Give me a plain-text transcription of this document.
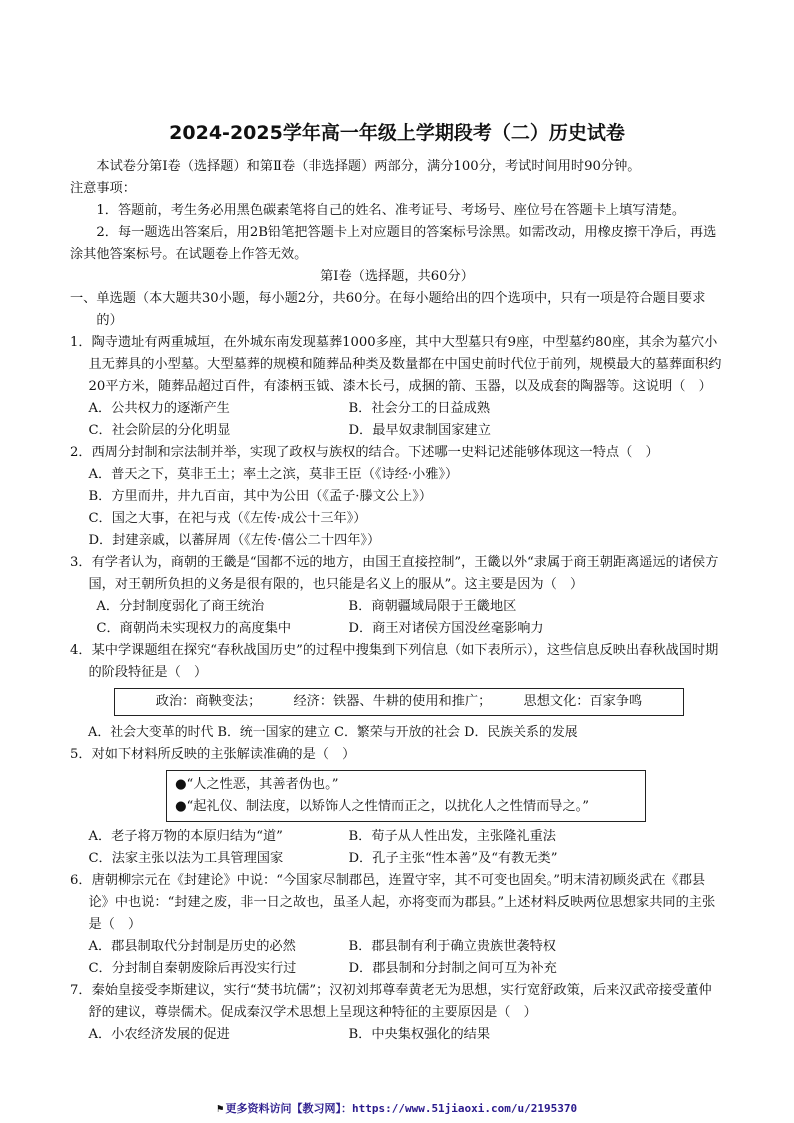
2024-2025学年高一年级上学期段考（二）历史试卷
本试卷分第Ⅰ卷（选择题）和第Ⅱ卷（非选择题）两部分，满分100分，考试时间用时90分钟。
注意事项：
1．答题前，考生务必用黑色碳素笔将自己的姓名、准考证号、考场号、座位号在答题卡上填写清楚。
2．每一题选出答案后，用2B铅笔把答题卡上对应题目的答案标号涂黑。如需改动，用橡皮擦干净后，再选涂其他答案标号。在试题卷上作答无效。
第Ⅰ卷（选择题，共60分）
一、单选题（本大题共30小题，每小题2分，共60分。在每小题给出的四个选项中，只有一项是符合题目要求的）
1．陶寺遗址有两重城垣，在外城东南发现墓葬1000多座，其中大型墓只有9座，中型墓约80座，其余为墓穴小且无葬具的小型墓。大型墓葬的规模和随葬品种类及数量都在中国史前时代位于前列，规模最大的墓葬面积约20平方米，随葬品超过百件，有漆柄玉钺、漆木长弓，成捆的箭、玉器，以及成套的陶器等。这说明（　）
A．公共权力的逐渐产生	B．社会分工的日益成熟
C．社会阶层的分化明显	D．最早奴隶制国家建立
2．西周分封制和宗法制并举，实现了政权与族权的结合。下述哪一史料记述能够体现这一特点（　）
A．普天之下，莫非王土；率土之滨，莫非王臣（《诗经·小雅》）
B．方里而井，井九百亩，其中为公田（《孟子·滕文公上》）
C．国之大事，在祀与戎（《左传·成公十三年》）
D．封建亲戚，以蕃屏周（《左传·僖公二十四年》）
3．有学者认为，商朝的王畿是“国都不远的地方，由国王直接控制”，王畿以外“隶属于商王朝距离遥远的诸侯方国，对王朝所负担的义务是很有限的，也只能是名义上的服从”。这主要是因为（　）
A．分封制度弱化了商王统治	B．商朝疆域局限于王畿地区
C．商朝尚未实现权力的高度集中	D．商王对诸侯方国没丝毫影响力
4．某中学课题组在探究“春秋战国历史”的过程中搜集到下列信息（如下表所示），这些信息反映出春秋战国时期的阶段特征是（　）
政治：商鞅变法； 经济：铁器、牛耕的使用和推广； 思想文化：百家争鸣
A．社会大变革的时代 B．统一国家的建立 C．繁荣与开放的社会 D．民族关系的发展
5．对如下材料所反映的主张解读准确的是（　）
●“人之性恶，其善者伪也。”
●“起礼仪、制法度，以矫饰人之性情而正之，以扰化人之性情而导之。”
A．老子将万物的本原归结为“道”	B．荀子从人性出发，主张隆礼重法
C．法家主张以法为工具管理国家	D．孔子主张“性本善”及“有教无类”
6．唐朝柳宗元在《封建论》中说：“今国家尽制郡邑，连置守宰，其不可变也固矣。”明末清初顾炎武在《郡县论》中也说：“封建之废，非一日之故也，虽圣人起，亦将变而为郡县。”上述材料反映两位思想家共同的主张是（　）
A．郡县制取代分封制是历史的必然	B．郡县制有利于确立贵族世袭特权
C．分封制自秦朝废除后再没实行过	D．郡县制和分封制之间可互为补充
7．秦始皇接受李斯建议，实行“焚书坑儒”；汉初刘邦尊奉黄老无为思想，实行宽舒政策，后来汉武帝接受董仲舒的建议，尊崇儒术。促成秦汉学术思想上呈现这种特征的主要原因是（　）
A．小农经济发展的促进	B．中央集权强化的结果
⚑ 更多资料访问【教习网】：https://www.51jiaoxi.com/u/2195370
